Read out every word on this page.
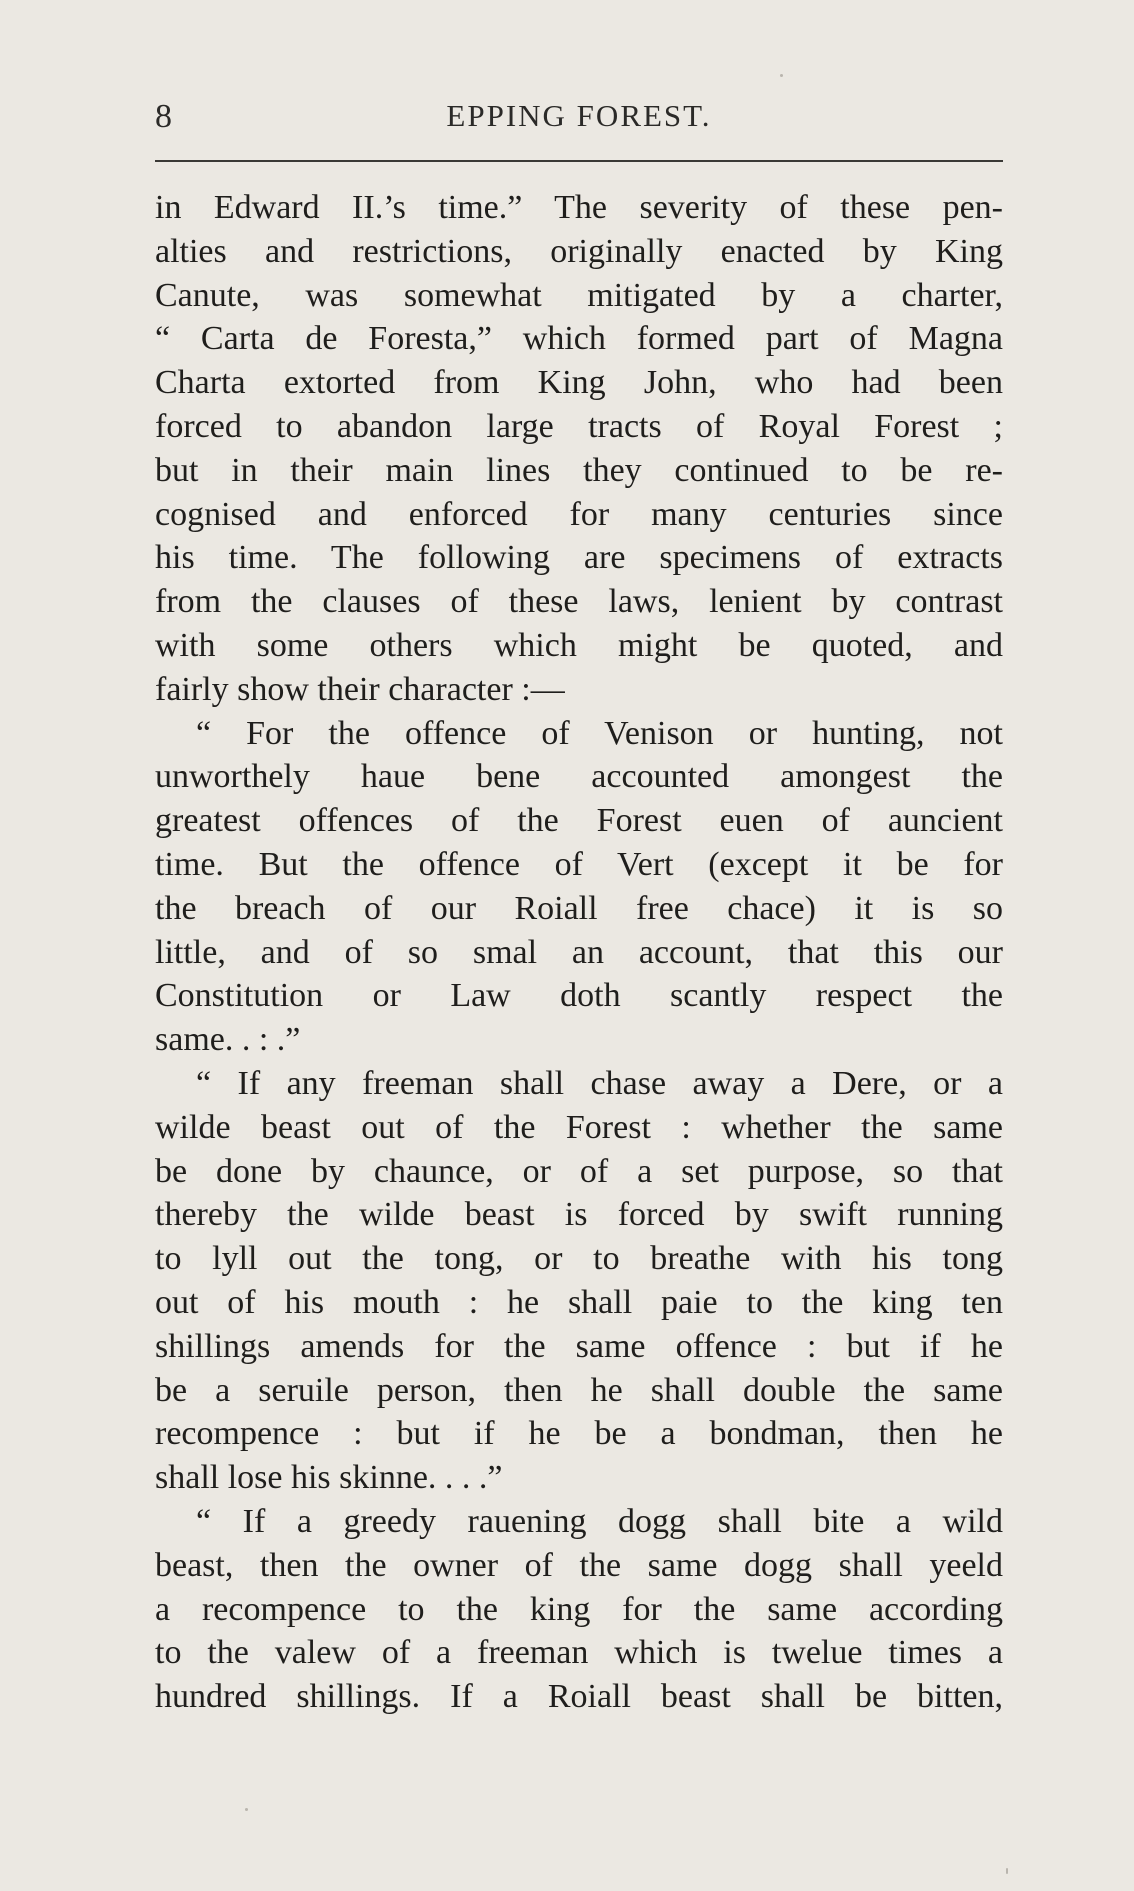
8	EPPING FOREST.
in Edward II.’s time.” The severity of these pen-
alties and restrictions, originally enacted by King
Canute, was somewhat mitigated by a charter,
“ Carta de Foresta,” which formed part of Magna
Charta extorted from King John, who had been
forced to abandon large tracts of Royal Forest ;
but in their main lines they continued to be re-
cognised and enforced for many centuries since
his time. The following are specimens of extracts
from the clauses of these laws, lenient by contrast
with some others which might be quoted, and
fairly show their character :—
“ For the offence of Venison or hunting, not
unworthely haue bene accounted amongest the
greatest offences of the Forest euen of auncient
time. But the offence of Vert (except it be for
the breach of our Roiall free chace) it is so
little, and of so smal an account, that this our
Constitution or Law doth scantly respect the
same. . : .”
“ If any freeman shall chase away a Dere, or a
wilde beast out of the Forest : whether the same
be done by chaunce, or of a set purpose, so that
thereby the wilde beast is forced by swift running
to lyll out the tong, or to breathe with his tong
out of his mouth : he shall paie to the king ten
shillings amends for the same offence : but if he
be a seruile person, then he shall double the same
recompence : but if he be a bondman, then he
shall lose his skinne. . . .”
“ If a greedy rauening dogg shall bite a wild
beast, then the owner of the same dogg shall yeeld
a recompence to the king for the same according
to the valew of a freeman which is twelue times a
hundred shillings. If a Roiall beast shall be bitten,
